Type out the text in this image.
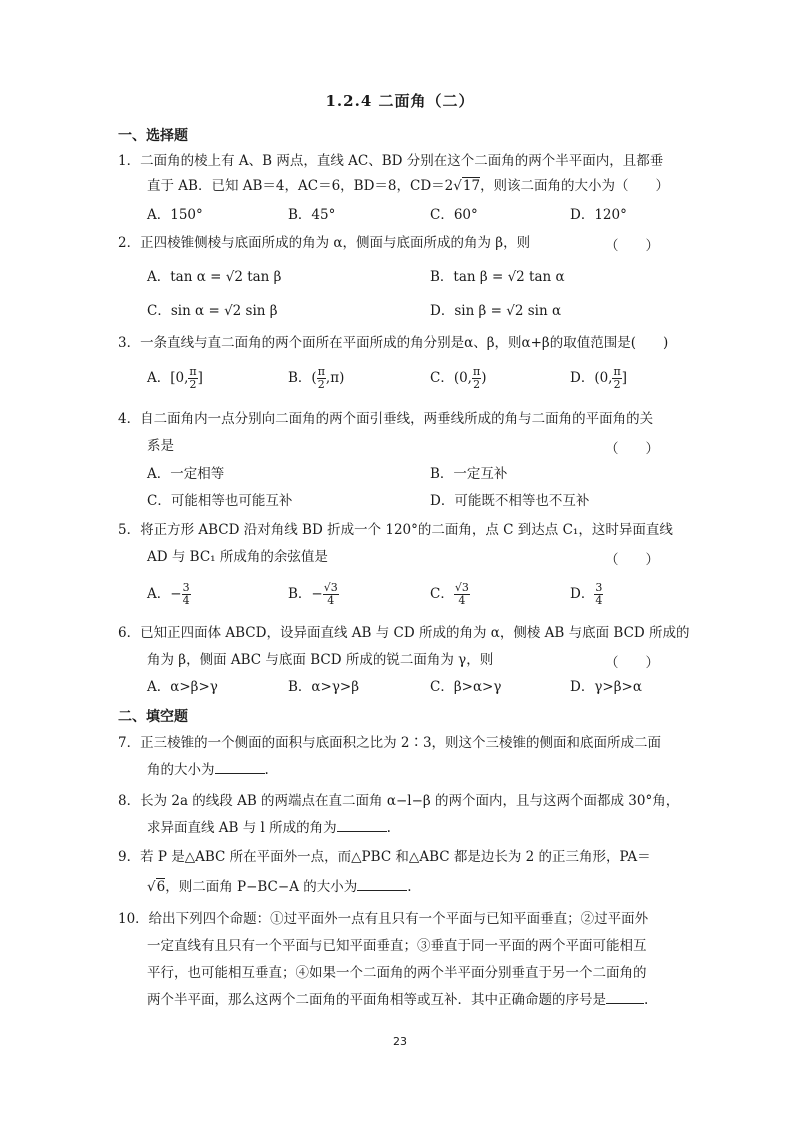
1.2.4 二面角（二）
一、选择题
1．二面角的棱上有 A、B 两点，直线 AC、BD 分别在这个二面角的两个半平面内，且都垂
直于 AB．已知 AB＝4，AC＝6，BD＝8，CD＝2√17，则该二面角的大小为（　　）
A．150°	B．45°	C．60°	D．120°
2．正四棱锥侧棱与底面所成的角为 α，侧面与底面所成的角为 β，则	（　　）
A．tan α = √2 tan β	B．tan β = √2 tan α
C．sin α = √2 sin β	D．sin β = √2 sin α
3．一条直线与直二面角的两个面所在平面所成的角分别是α、β，则α+β的取值范围是(　　)
A．[0, $\frac{\pi}{2}$ ]	B．( $\frac{\pi}{2} ,\pi$)	C．(0, $\frac{\pi}{2}$ )	D．(0, $\frac{\pi}{2}$ ]
4．自二面角内一点分别向二面角的两个面引垂线，两垂线所成的角与二面角的平面角的关
系是	（　　）
A．一定相等	B．一定互补
C．可能相等也可能互补	D．可能既不相等也不互补
5．将正方形 ABCD 沿对角线 BD 折成一个 120°的二面角，点 C 到达点 C₁，这时异面直线
AD 与 BC₁ 所成角的余弦值是	（　　）
A．− $\frac{3}{4}$	B．− $\frac{√3}{4}$	C． $\frac{√3}{4}$	D． $\frac{3}{4}$
6．已知正四面体 ABCD，设异面直线 AB 与 CD 所成的角为 α，侧棱 AB 与底面 BCD 所成的
角为 β，侧面 ABC 与底面 BCD 所成的锐二面角为 γ，则	（　　）
A．α>β>γ	B．α>γ>β	C．β>α>γ	D．γ>β>α
二、填空题
7．正三棱锥的一个侧面的面积与底面积之比为 2∶3，则这个三棱锥的侧面和底面所成二面
角的大小为	.
8．长为 2a 的线段 AB 的两端点在直二面角 α−l−β 的两个面内，且与这两个面都成 30°角，
求异面直线 AB 与 l 所成的角为	.
9．若 P 是△ABC 所在平面外一点，而△PBC 和△ABC 都是边长为 2 的正三角形，PA＝
√6，则二面角 P−BC−A 的大小为	.
10．给出下列四个命题：①过平面外一点有且只有一个平面与已知平面垂直；②过平面外
一定直线有且只有一个平面与已知平面垂直；③垂直于同一平面的两个平面可能相互
平行，也可能相互垂直；④如果一个二面角的两个半平面分别垂直于另一个二面角的
两个半平面，那么这两个二面角的平面角相等或互补．其中正确命题的序号是	.
23
